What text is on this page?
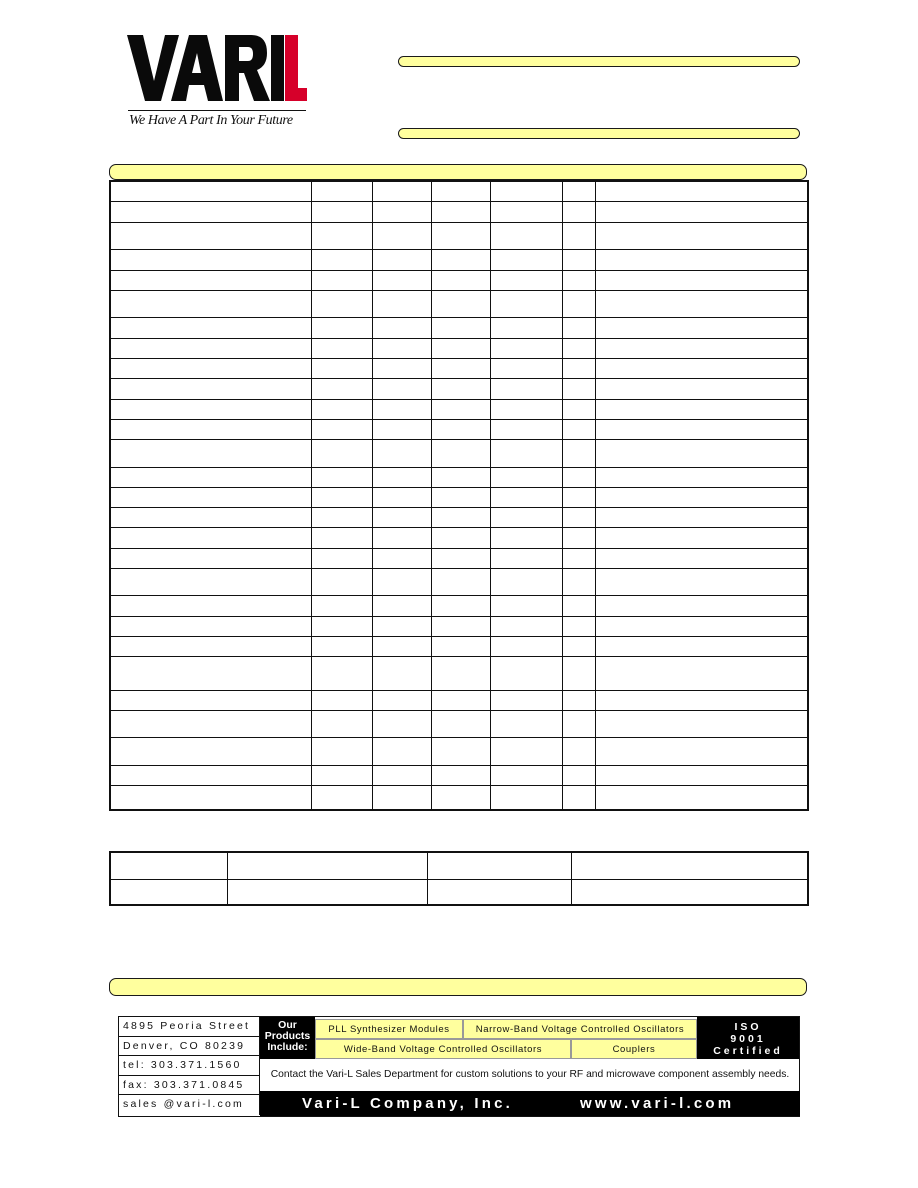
We Have A Part In Your Future

4895 Peoria Street
Denver, CO 80239
tel: 303.371.1560
fax: 303.371.0845
sales @vari-l.com
Our
Products
Include:
PLL Synthesizer Modules	Narrow-Band Voltage Controlled Oscillators
Wide-Band Voltage Controlled Oscillators	Couplers
ISO
9001
Certified
Contact the Vari-L Sales Department for custom solutions to your RF and microwave component assembly needs.
Vari-L Company, Inc.	www.vari-l.com
